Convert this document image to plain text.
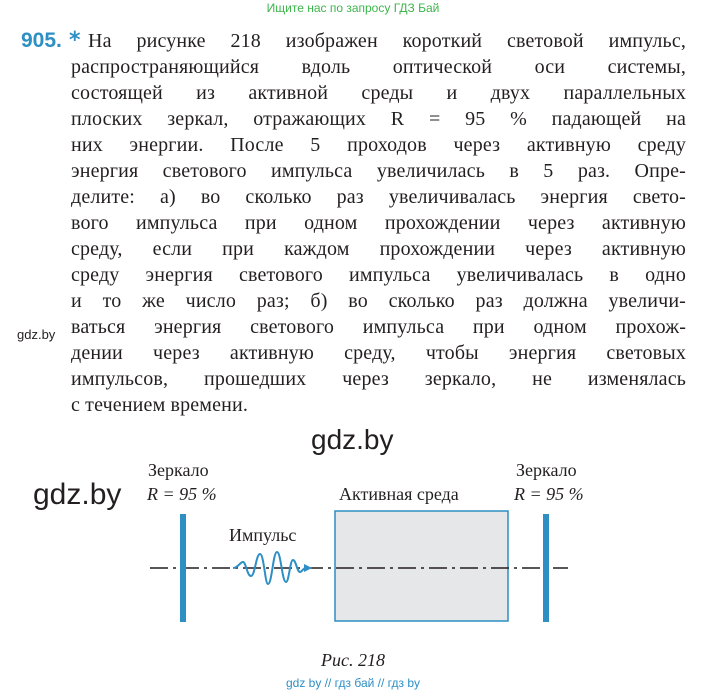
Ищите нас по запросу ГДЗ Бай
905. * На рисунке 218 изображен короткий световой импульс,
распространяющийся вдоль оптической оси системы,
состоящей из активной среды и двух параллельных
плоских зеркал, отражающих R = 95 % падающей на
них энергии. После 5 проходов через активную среду
энергия светового импульса увеличилась в 5 раз. Опре-
делите: а) во сколько раз увеличивалась энергия свето-
вого импульса при одном прохождении через активную
среду, если при каждом прохождении через активную
среду энергия светового импульса увеличивалась в одно
и то же число раз; б) во сколько раз должна увеличи-
ваться энергия светового импульса при одном прохож-
дении через активную среду, чтобы энергия световых
импульсов, прошедших через зеркало, не изменялась
с течением времени.
gdz.by
gdz.by
gdz.by
Зеркало
R = 95 %
Зеркало
R = 95 %
Активная среда
Импульс
Рис. 218
gdz by // гдз бай // гдз by
